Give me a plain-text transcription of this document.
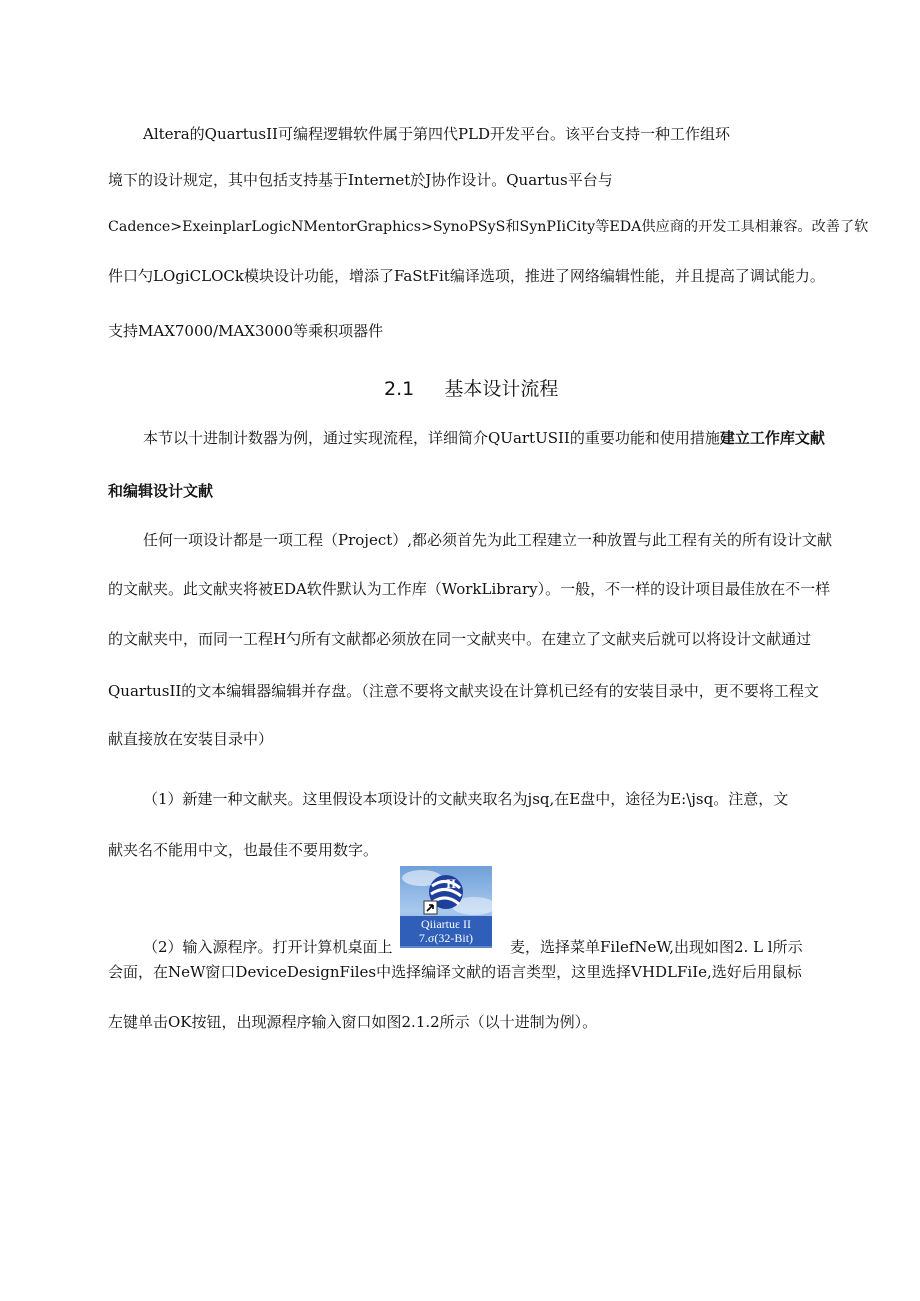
Altera的QuartusII可编程逻辑软件属于第四代PLD开发平台。该平台支持一种工作组环
境下的设计规定，其中包括支持基于Internet於J协作设计。Quartus平台与
Cadence>ExeinplarLogicNMentorGraphics>SynoPSyS和SynPIiCity等EDA供应商的开发工具相兼容。改善了软
件口勺LOgiCLOCk模块设计功能，增添了FaStFit编译选项，推进了网络编辑性能，并且提高了调试能力。
支持MAX7000/MAX3000等乘积项器件
2.1 基本设计流程
本节以十进制计数器为例，通过实现流程，详细简介QUartUSII的重要功能和使用措施建立工作库文献
和编辑设计文献
任何一项设计都是一项工程（Project）,都必须首先为此工程建立一种放置与此工程有关的所有设计文献
的文献夹。此文献夹将被EDA软件默认为工作库（WorkLibrary）。一般，不一样的设计项目最佳放在不一样
的文献夹中，而同一工程H勺所有文献都必须放在同一文献夹中。在建立了文献夹后就可以将设计文献通过
QuartusII的文本编辑器编辑并存盘。（注意不要将文献夹设在计算机已经有的安装目录中，更不要将工程文
献直接放在安装目录中）
（1）新建一种文献夹。这里假设本项设计的文献夹取名为jsq,在E盘中，途径为E:\jsq。注意，文
献夹名不能用中文，也最佳不要用数字。
II
Qiiartuε II
7.σ(32-Bit)
（2）输入源程序。打开计算机桌面上	麦，选择菜单FilefNeW,出现如图2. L l所示
会面，在NeW窗口DeviceDesignFiles中选择编译文献的语言类型，这里选择VHDLFiIe,选好后用鼠标
左键单击OK按钮，出现源程序输入窗口如图2.1.2所示（以十进制为例）。
